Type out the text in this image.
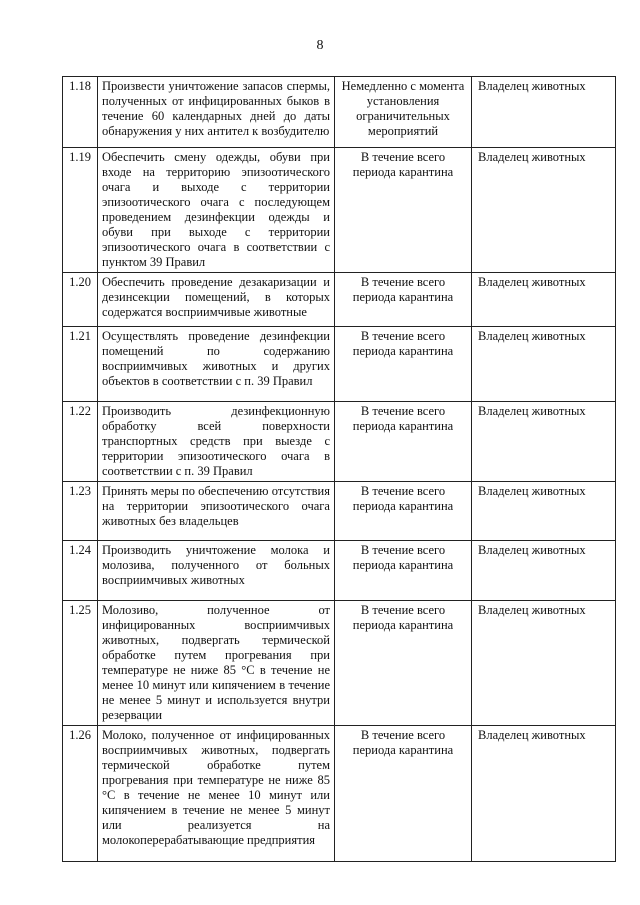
8
1.18	Произвести уничтожение запасов спермы, полученных от инфицированных быков в течение 60 календарных дней до даты обнаружения у них антител к возбудителю	Немедленно с момента установления ограничительных мероприятий	Владелец животных
1.19	Обеспечить смену одежды, обуви при входе на территорию эпизоотического очага и выходе с территории эпизоотического очага с последующем проведением дезинфекции одежды и обуви при выходе с территории эпизоотического очага в соответствии с пунктом 39 Правил	В течение всего периода карантина	Владелец животных
1.20	Обеспечить проведение дезакаризации и дезинсекции помещений, в которых содержатся восприимчивые животные	В течение всего периода карантина	Владелец животных
1.21	Осуществлять проведение дезинфекции помещений по содержанию восприимчивых животных и других объектов в соответствии с п. 39 Правил	В течение всего периода карантина	Владелец животных
1.22	Производить дезинфекционную обработку всей поверхности транспортных средств при выезде с территории эпизоотического очага в соответствии с п. 39 Правил	В течение всего периода карантина	Владелец животных
1.23	Принять меры по обеспечению отсутствия на территории эпизоотического очага животных без владельцев	В течение всего периода карантина	Владелец животных
1.24	Производить уничтожение молока и молозива, полученного от больных восприимчивых животных	В течение всего периода карантина	Владелец животных
1.25	Молозиво, полученное от инфицированных восприимчивых животных, подвергать термической обработке путем прогревания при температуре не ниже 85 °С в течение не менее 10 минут или кипячением в течение не менее 5 минут и используется внутри резервации	В течение всего периода карантина	Владелец животных
1.26	Молоко, полученное от инфицированных восприимчивых животных, подвергать термической обработке путем прогревания при температуре не ниже 85 °С в течение не менее 10 минут или кипячением в течение не менее 5 минут или реализуется на молокоперерабатывающие предприятия	В течение всего периода карантина	Владелец животных
